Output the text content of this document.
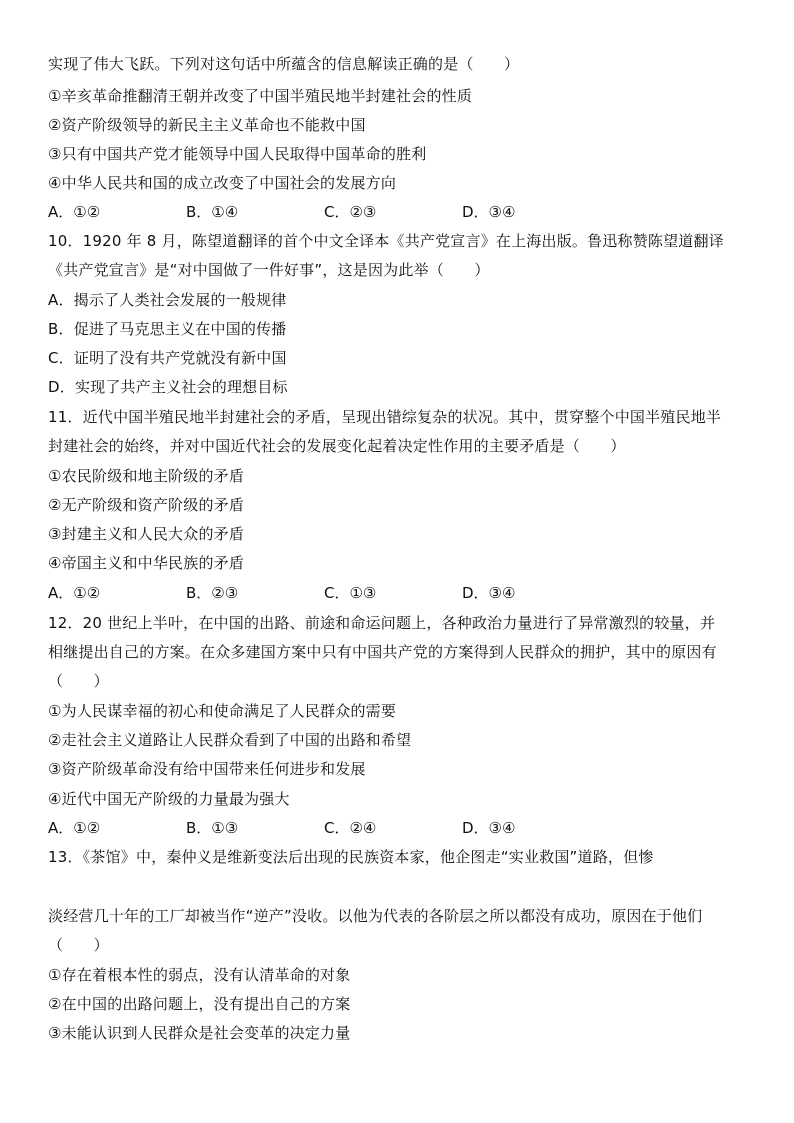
实现了伟大飞跃。下列对这句话中所蕴含的信息解读正确的是（　　）
①辛亥革命推翻清王朝并改变了中国半殖民地半封建社会的性质
②资产阶级领导的新民主主义革命也不能救中国
③只有中国共产党才能领导中国人民取得中国革命的胜利
④中华人民共和国的成立改变了中国社会的发展方向
A．①②	B．①④	C．②③	D．③④
10．1920 年 8 月，陈望道翻译的首个中文全译本《共产党宣言》在上海出版。鲁迅称赞陈望道翻译
《共产党宣言》是“对中国做了一件好事”，这是因为此举（　　）
A．揭示了人类社会发展的一般规律
B．促进了马克思主义在中国的传播
C．证明了没有共产党就没有新中国
D．实现了共产主义社会的理想目标
11．近代中国半殖民地半封建社会的矛盾，呈现出错综复杂的状况。其中，贯穿整个中国半殖民地半
封建社会的始终，并对中国近代社会的发展变化起着决定性作用的主要矛盾是（　　）
①农民阶级和地主阶级的矛盾
②无产阶级和资产阶级的矛盾
③封建主义和人民大众的矛盾
④帝国主义和中华民族的矛盾
A．①②	B．②③	C．①③	D．③④
12．20 世纪上半叶，在中国的出路、前途和命运问题上，各种政治力量进行了异常激烈的较量，并
相继提出自己的方案。在众多建国方案中只有中国共产党的方案得到人民群众的拥护，其中的原因有
（　　）
①为人民谋幸福的初心和使命满足了人民群众的需要
②走社会主义道路让人民群众看到了中国的出路和希望
③资产阶级革命没有给中国带来任何进步和发展
④近代中国无产阶级的力量最为强大
A．①②	B．①③	C．②④	D．③④
13．《茶馆》中，秦仲义是维新变法后出现的民族资本家，他企图走“实业救国”道路，但惨
淡经营几十年的工厂却被当作“逆产”没收。以他为代表的各阶层之所以都没有成功，原因在于他们
（　　）
①存在着根本性的弱点，没有认清革命的对象
②在中国的出路问题上，没有提出自己的方案
③未能认识到人民群众是社会变革的决定力量
